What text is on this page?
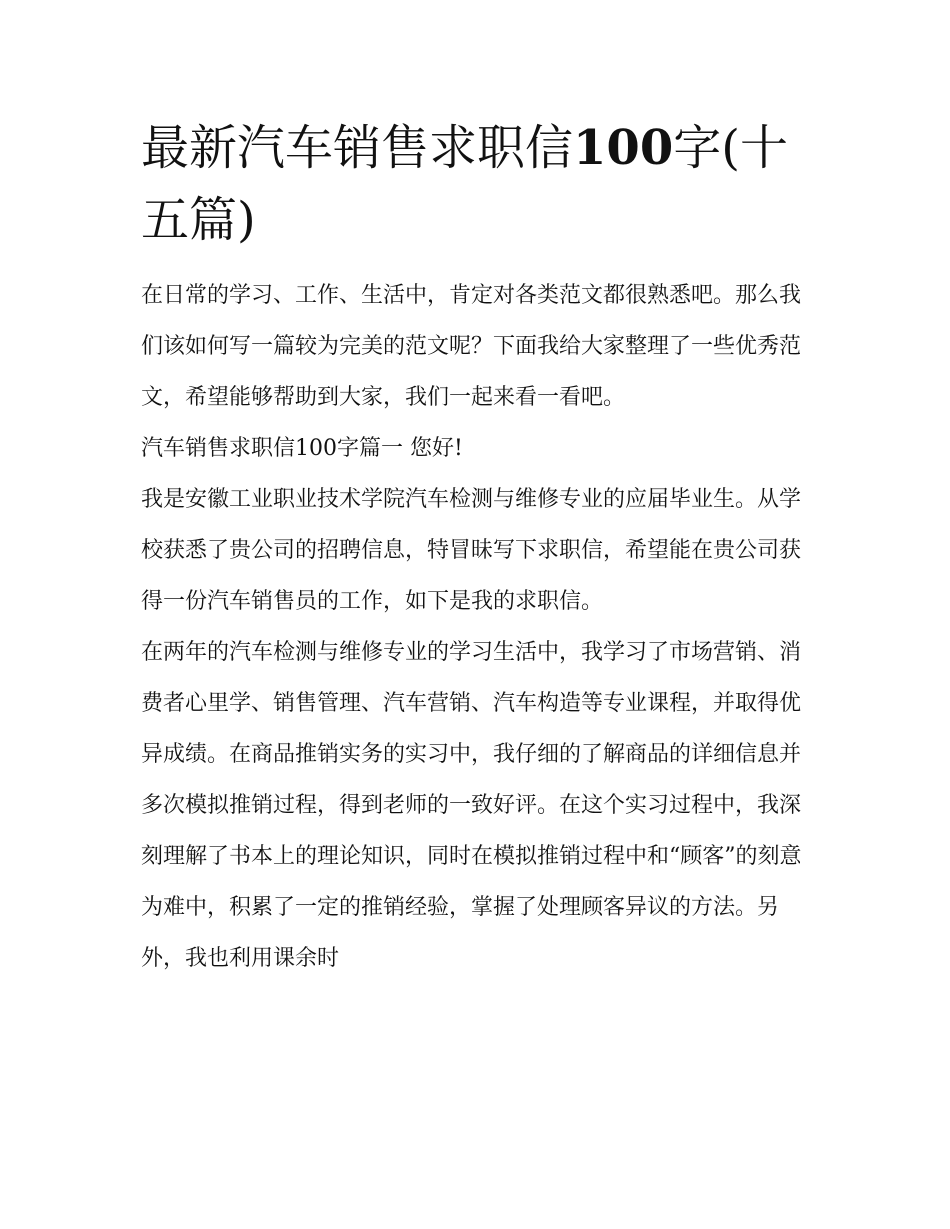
最新汽车销售求职信100字(十五篇)

在日常的学习、工作、生活中，肯定对各类范文都很熟悉吧。那么我们该如何写一篇较为完美的范文呢？下面我给大家整理了一些优秀范文，希望能够帮助到大家，我们一起来看一看吧。

汽车销售求职信100字篇一 您好!

我是安徽工业职业技术学院汽车检测与维修专业的应届毕业生。从学校获悉了贵公司的招聘信息，特冒昧写下求职信，希望能在贵公司获得一份汽车销售员的工作，如下是我的求职信。

在两年的汽车检测与维修专业的学习生活中，我学习了市场营销、消费者心里学、销售管理、汽车营销、汽车构造等专业课程，并取得优异成绩。在商品推销实务的实习中，我仔细的了解商品的详细信息并多次模拟推销过程，得到老师的一致好评。在这个实习过程中，我深刻理解了书本上的理论知识，同时在模拟推销过程中和“顾客”的刻意为难中，积累了一定的推销经验，掌握了处理顾客异议的方法。另外，我也利用课余时
